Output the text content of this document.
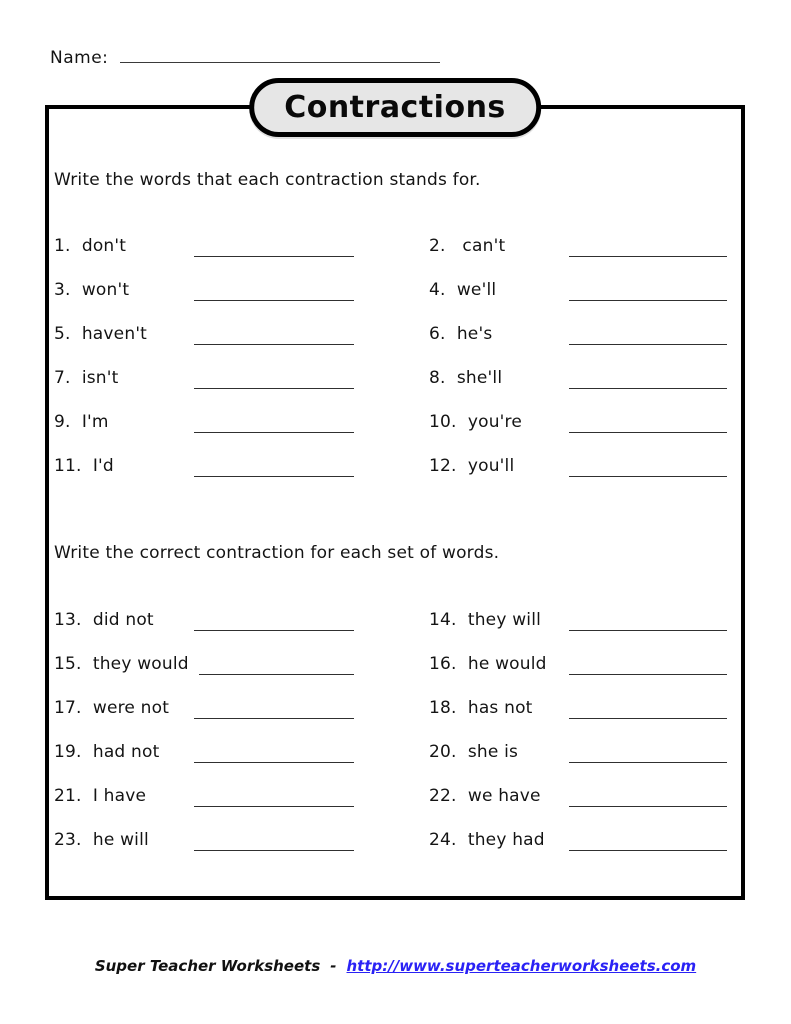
Name:
Contractions
Write the words that each contraction stands for.
1.  don't	2.   can't
3.  won't	4.  we'll
5.  haven't	6.  he's
7.  isn't	8.  she'll
9.  I'm	10.  you're
11.  I'd	12.  you'll
Write the correct contraction for each set of words.
13.  did not	14.  they will
15.  they would	16.  he would
17.  were not	18.  has not
19.  had not	20.  she is
21.  I have	22.  we have
23.  he will	24.  they had
Super Teacher Worksheets - http://www.superteacherworksheets.com
